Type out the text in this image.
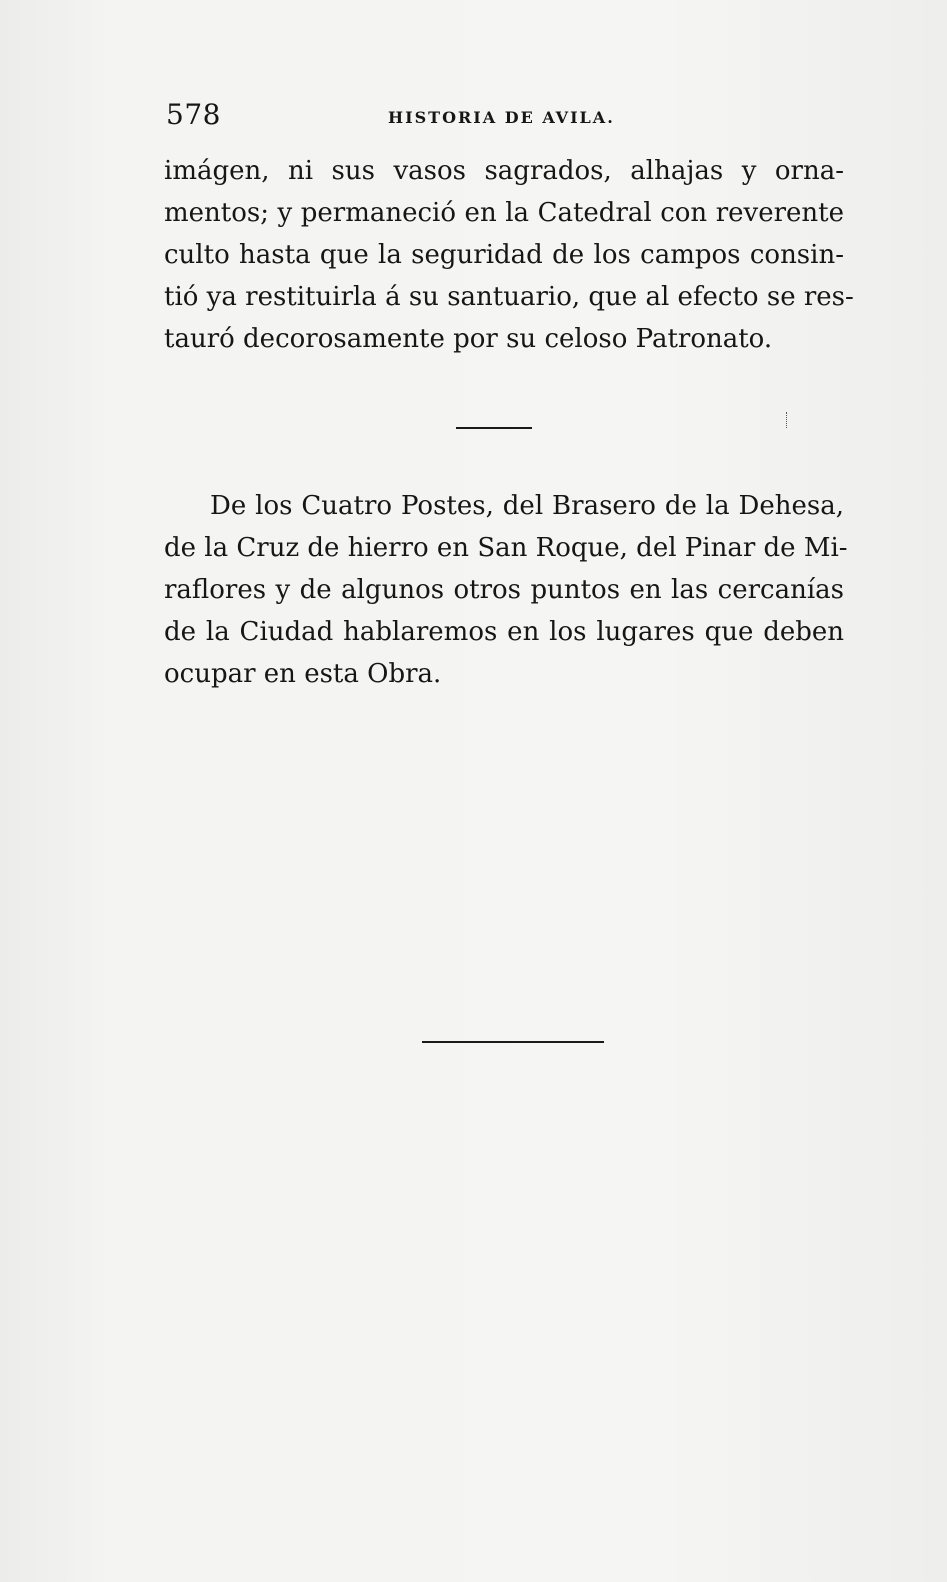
578	HISTORIA DE AVILA.
imágen, ni sus vasos sagrados, alhajas y orna-
mentos; y permaneció en la Catedral con reverente
culto hasta que la seguridad de los campos consin-
tió ya restituirla á su santuario, que al efecto se res-
tauró decorosamente por su celoso Patronato.
De los Cuatro Postes, del Brasero de la Dehesa,
de la Cruz de hierro en San Roque, del Pinar de Mi-
raflores y de algunos otros puntos en las cercanías
de la Ciudad hablaremos en los lugares que deben
ocupar en esta Obra.
